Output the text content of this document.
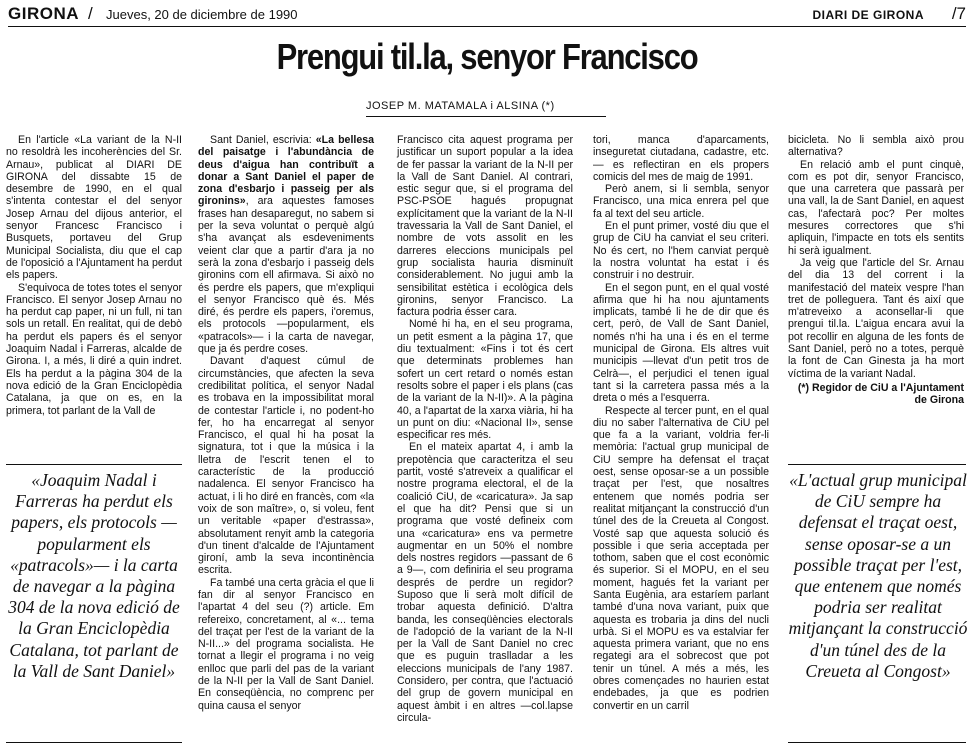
GIRONA / Jueves, 20 de diciembre de 1990	DIARI DE GIRONA /7
Prengui til.la, senyor Francisco
JOSEP M. MATAMALA i ALSINA (*)

En l'article «La variant de la N-II no resoldrà les incoherències del Sr. Arnau», publicat al DIARI DE GIRONA del dissabte 15 de desembre de 1990, en el qual s'intenta contestar el del senyor Josep Arnau del dijous anterior, el senyor Francesc Francisco i Busquets, portaveu del Grup Municipal Socialista, diu que el cap de l'oposició a l'Ajuntament ha perdut els papers.

S'equivoca de totes totes el senyor Francisco. El senyor Josep Arnau no ha perdut cap paper, ni un full, ni tan sols un retall. En realitat, qui de debò ha perdut els papers és el senyor Joaquim Nadal i Farreras, alcalde de Girona. I, a més, li diré a quin indret. Els ha perdut a la pàgina 304 de la nova edició de la Gran Enciclopèdia Catalana, ja que on es, en la primera, tot parlant de la Vall de

«Joaquim Nadal i Farreras ha perdut els papers, els protocols —popularment els «patracols»— i la carta de navegar a la pàgina 304 de la nova edició de la Gran Enciclopèdia Catalana, tot parlant de la Vall de Sant Daniel»

Sant Daniel, escrivia: «La bellesa del paisatge i l'abundància de deus d'aigua han contribuït a donar a Sant Daniel el paper de zona d'esbarjo i passeig per als gironins», ara aquestes famoses frases han desaparegut, no sabem si per la seva voluntat o perquè algú s'ha avançat als esdeveniments veient clar que a partir d'ara ja no serà la zona d'esbarjo i passeig dels gironins com ell afirmava. Si això no és perdre els papers, que m'expliqui el senyor Francisco què és. Més diré, és perdre els papers, i'oremus, els protocols —popularment, els «patracols»— i la carta de navegar, que ja és perdre coses.

Davant d'aquest cúmul de circumstàncies, que afecten la seva credibilitat política, el senyor Nadal es trobava en la impossibilitat moral de contestar l'article i, no podent-ho fer, ho ha encarregat al senyor Francisco, el qual hi ha posat la signatura, tot i que la música i la lletra de l'escrit tenen el to característic de la producció nadalenca. El senyor Francisco ha actuat, i li ho diré en francès, com «la voix de son maître», o, si voleu, fent un veritable «paper d'estrassa», absolutament renyit amb la categoria d'un tinent d'alcalde de l'Ajuntament gironí, amb la seva incontinència escrita.

Fa també una certa gràcia el que li fan dir al senyor Francisco en l'apartat 4 del seu (?) article. Em refereixo, concretament, al «... tema del traçat per l'est de la variant de la N-II...» del programa socialista. He tornat a llegir el programa i no veig enlloc que parli del pas de la variant de la N-II per la Vall de Sant Daniel. En conseqüència, no comprenc per quina causa el senyor

Francisco cita aquest programa per justificar un suport popular a la idea de fer passar la variant de la N-II per la Vall de Sant Daniel. Al contrari, estic segur que, si el programa del PSC-PSOE hagués propugnat explícitament que la variant de la N-II travessaria la Vall de Sant Daniel, el nombre de vots assolit en les darreres eleccions municipals pel grup socialista hauria disminuït considerablement. No jugui amb la sensibilitat estètica i ecològica dels gironins, senyor Francisco. La factura podria ésser cara.

Nomé hi ha, en el seu programa, un petit esment a la pàgina 17, que diu textualment: «Fins i tot és cert que determinats problemes han sofert un cert retard o només estan resolts sobre el paper i els plans (cas de la variant de la N-II)». A la pàgina 40, a l'apartat de la xarxa viària, hi ha un punt on diu: «Nacional II», sense especificar res més.

En el mateix apartat 4, i amb la prepotència que caracteritza el seu partit, vosté s'atreveix a qualificar el nostre programa electoral, el de la coalició CiU, de «caricatura». Ja sap el que ha dit? Pensi que si un programa que vosté defineix com una «caricatura» ens va permetre augmentar en un 50% el nombre dels nostres regidors —passant de 6 a 9—, com definiria el seu programa després de perdre un regidor? Suposo que li serà molt difícil de trobar aquesta definició. D'altra banda, les conseqüències electorals de l'adopció de la variant de la N-II per la Vall de Sant Daniel no crec que es puguin traslladar a les eleccions municipals de l'any 1987. Considero, per contra, que l'actuació del grup de govern municipal en aquest àmbit i en altres —col.lapse circula-

tori, manca d'aparcaments, inseguretat ciutadana, cadastre, etc.— es reflectiran en els propers comicis del mes de maig de 1991.

Però anem, si li sembla, senyor Francisco, una mica enrera pel que fa al text del seu article.

En el punt primer, vosté diu que el grup de CiU ha canviat el seu criteri. No és cert, no l'hem canviat perquè la nostra voluntat ha estat i és construir i no destruir.

En el segon punt, en el qual vosté afirma que hi ha nou ajuntaments implicats, també li he de dir que és cert, però, de Vall de Sant Daniel, només n'hi ha una i és en el terme municipal de Girona. Els altres vuit municipis —llevat d'un petit tros de Celrà—, el perjudici el tenen igual tant si la carretera passa més a la dreta o més a l'esquerra.

Respecte al tercer punt, en el qual diu no saber l'alternativa de CiU pel que fa a la variant, voldria fer-li memòria: l'actual grup municipal de CiU sempre ha defensat el traçat oest, sense oposar-se a un possible traçat per l'est, que nosaltres entenem que només podria ser realitat mitjançant la construcció d'un túnel des de la Creueta al Congost. Vosté sap que aquesta solució és possible i que seria acceptada per tothom, saben que el cost econòmic és superior. Si el MOPU, en el seu moment, hagués fet la variant per Santa Eugènia, ara estaríem parlant també d'una nova variant, puix que aquesta es trobaria ja dins del nucli urbà. Si el MOPU es va estalviar fer aquesta primera variant, que no ens regategi ara el sobrecost que pot tenir un túnel. A més a més, les obres començades no haurien estat endebades, ja que es podrien convertir en un carril

bicicleta. No li sembla això prou alternativa?

En relació amb el punt cinquè, com es pot dir, senyor Francisco, que una carretera que passarà per una vall, la de Sant Daniel, en aquest cas, l'afectarà poc? Per moltes mesures correctores que s'hi apliquin, l'impacte en tots els sentits hi serà igualment.

Ja veig que l'article del Sr. Arnau del dia 13 del corrent i la manifestació del mateix vespre l'han tret de polleguera. Tant és així que m'atreveixo a aconsellar-li que prengui til.la. L'aigua encara avui la pot recollir en alguna de les fonts de Sant Daniel, però no a totes, perquè la font de Can Ginesta ja ha mort víctima de la variant Nadal.

(*) Regidor de CiU a l'Ajuntament de Girona

«L'actual grup municipal de CiU sempre ha defensat el traçat oest, sense oposar-se a un possible traçat per l'est, que entenem que només podria ser realitat mitjançant la construcció d'un túnel des de la Creueta al Congost»
